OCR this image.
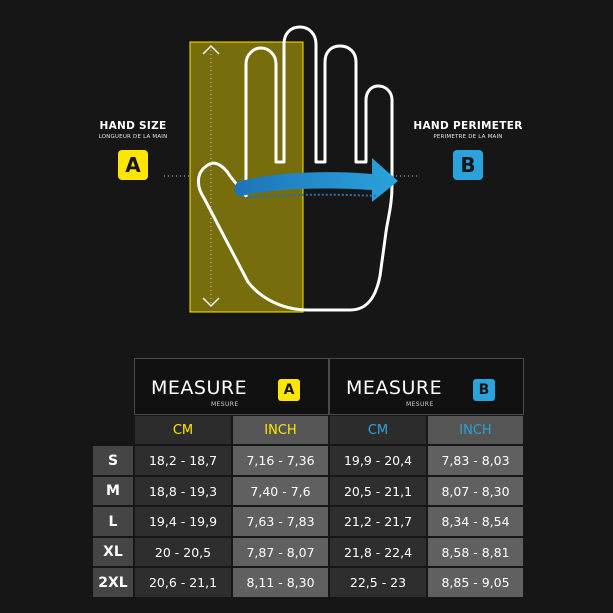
HAND SIZE
LONGUEUR DE LA MAIN
A
HAND PERIMETER
PERIMETRE DE LA MAIN
B
MEASURE
MESURE
A	MEASURE
MESURE
B
CM	INCH	CM	INCH
S	18,2 - 18,7	7,16 - 7,36	19,9 - 20,4	7,83 - 8,03
M	18,8 - 19,3	7,40 - 7,6	20,5 - 21,1	8,07 - 8,30
L	19,4 - 19,9	7,63 - 7,83	21,2 - 21,7	8,34 - 8,54
XL	20 - 20,5	7,87 - 8,07	21,8 - 22,4	8,58 - 8,81
2XL	20,6 - 21,1	8,11 - 8,30	22,5 - 23	8,85 - 9,05
